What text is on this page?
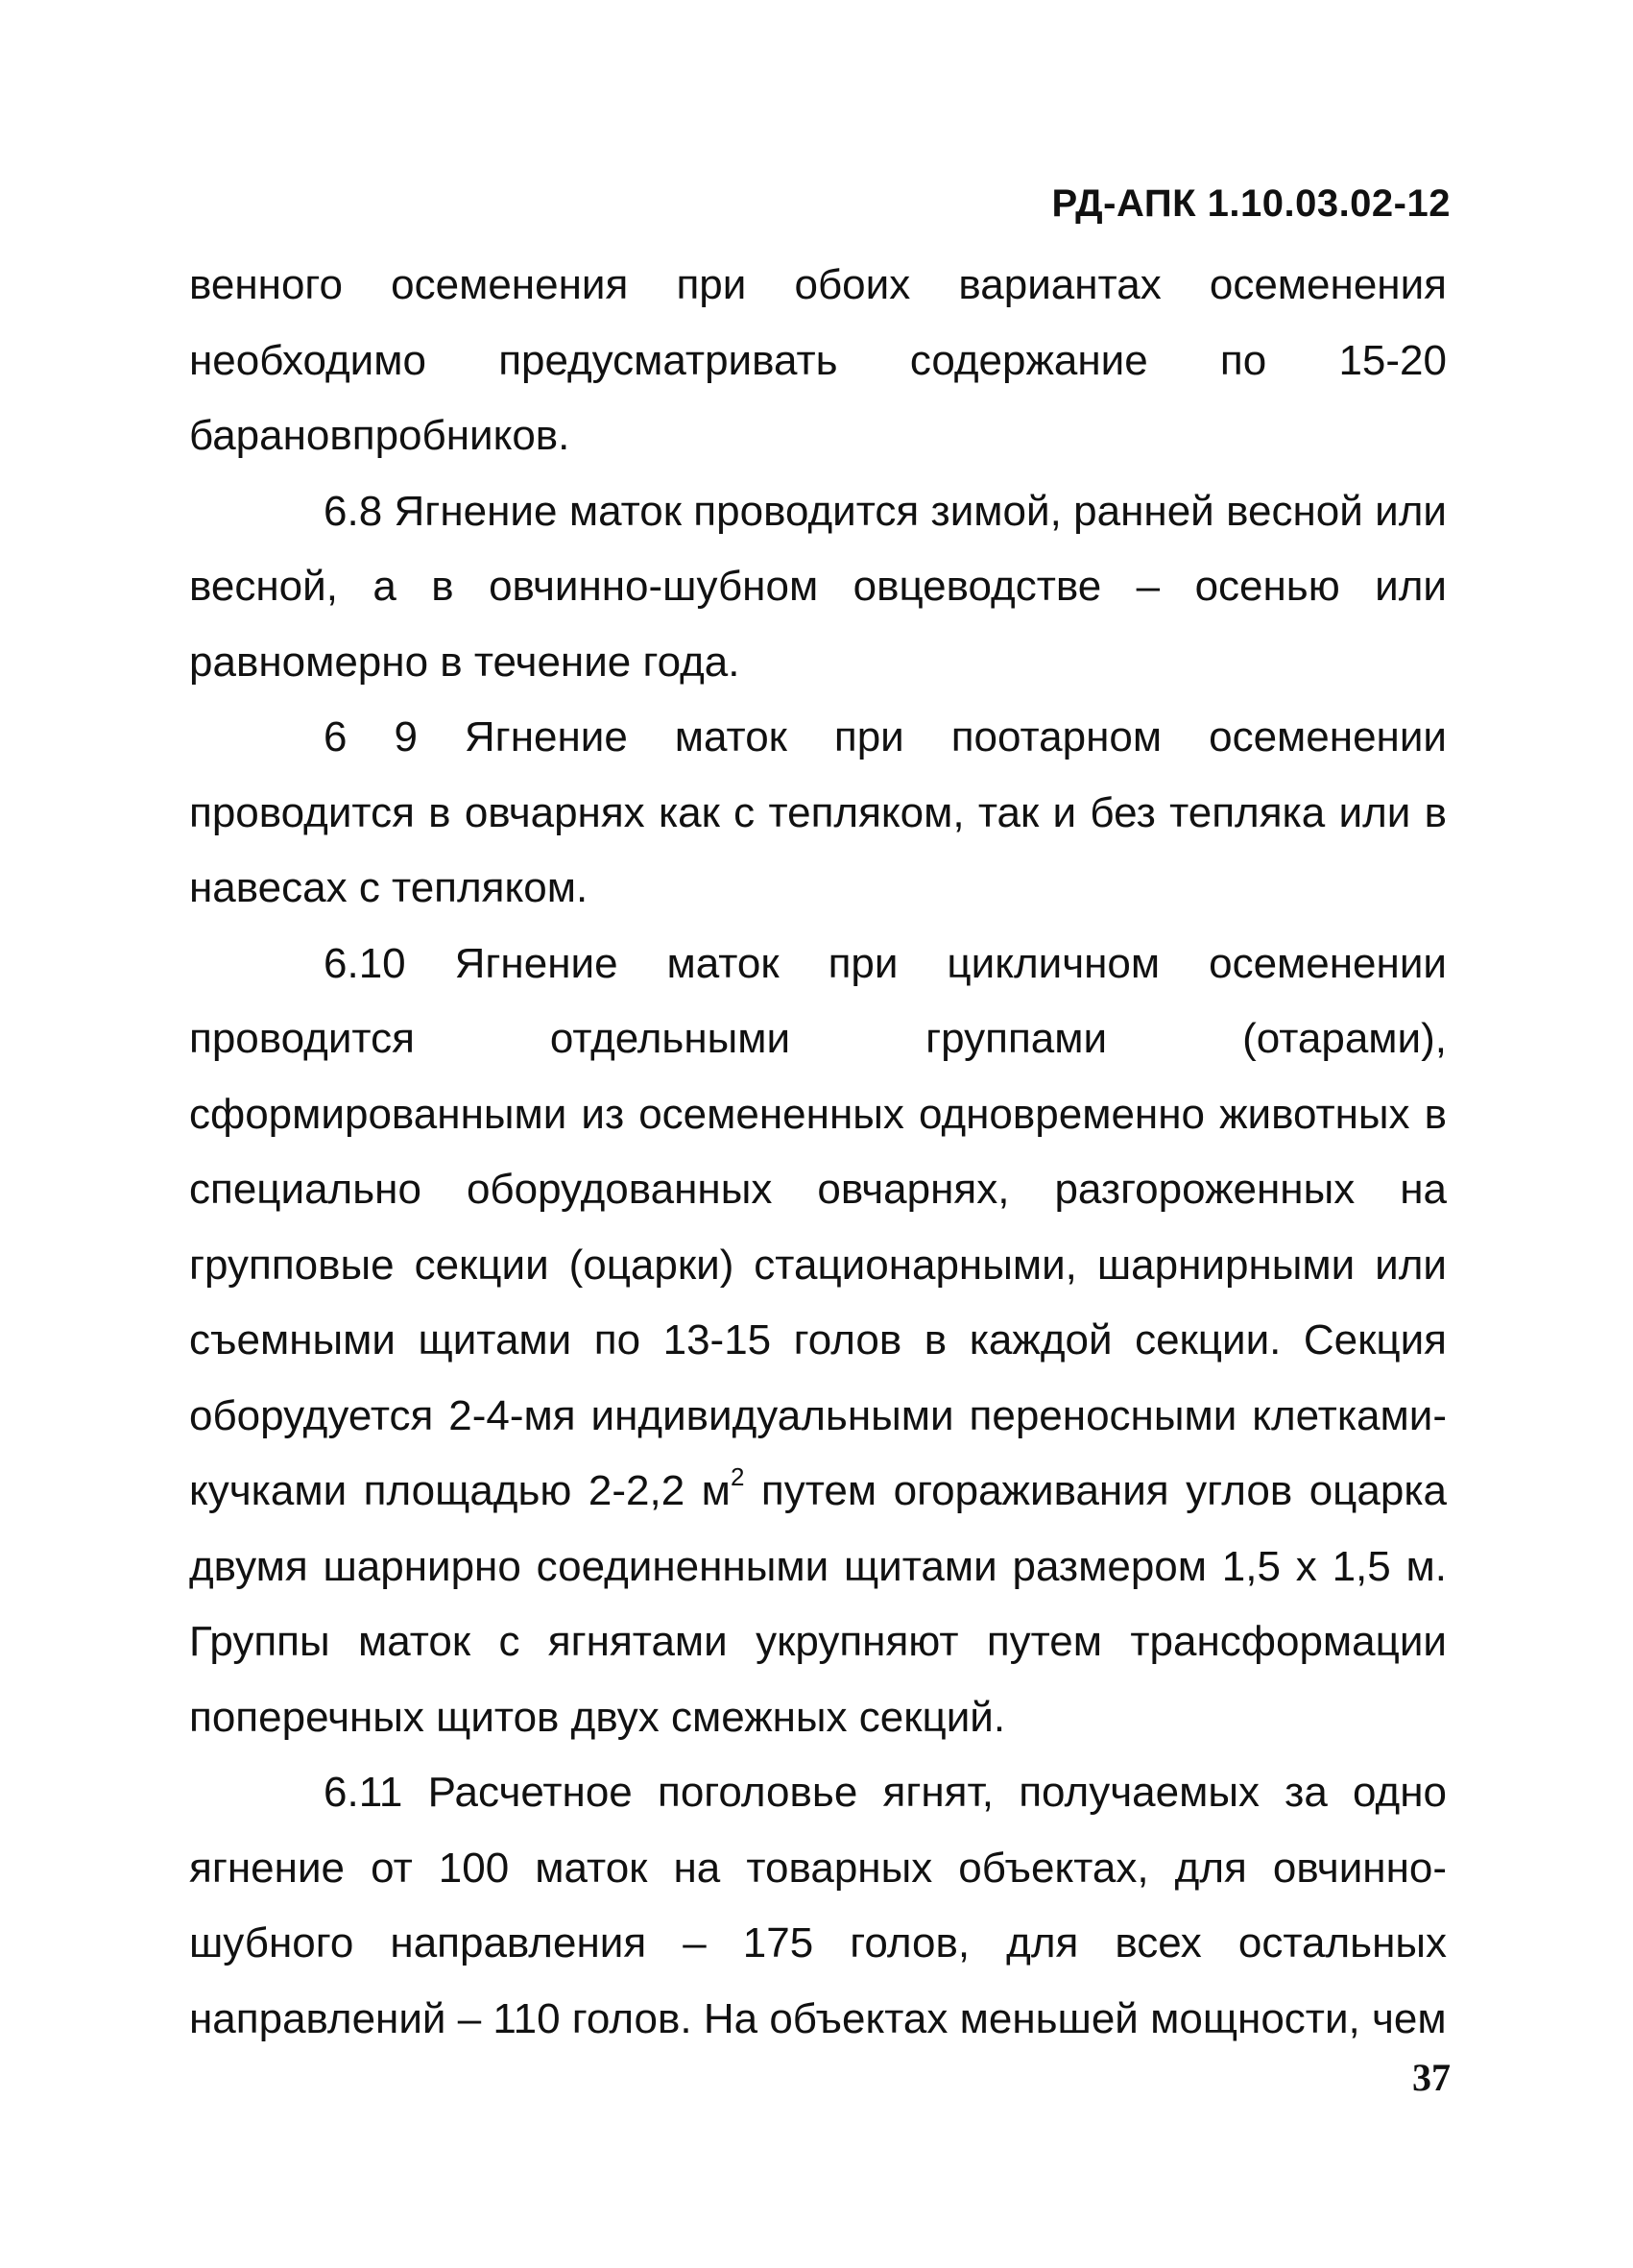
РД-АПК 1.10.03.02-12

венного осеменения при обоих вариантах осеменения необходимо предусматривать содержание по 15-20 барановпробников.

6.8 Ягнение маток проводится зимой, ранней весной или весной, а в овчинно-шубном овцеводстве – осенью или равномерно в течение года.

6 9 Ягнение маток при поотарном осеменении проводится в овчарнях как с тепляком, так и без тепляка или в навесах с тепляком.

6.10 Ягнение маток при цикличном осеменении проводится отдельными группами (отарами), сформированными из осемененных одновременно животных в специально оборудованных овчарнях, разгороженных на групповые секции (оцарки) стационарными, шарнирными или съемными щитами по 13-15 голов в каждой секции. Секция оборудуется 2-4-мя индивидуальными переносными клетками-кучками площадью 2-2,2 $м^2$ путем огораживания углов оцарка двумя шарнирно соединенными щитами размером 1,5 х 1,5 м. Группы маток с ягнятами укрупняют путем трансформации поперечных щитов двух смежных секций.

6.11 Расчетное поголовье ягнят, получаемых за одно ягнение от 100 маток на товарных объектах, для овчинно-шубного направления – 175 голов, для всех остальных направлений – 110 голов. На объектах меньшей мощности, чем

37
